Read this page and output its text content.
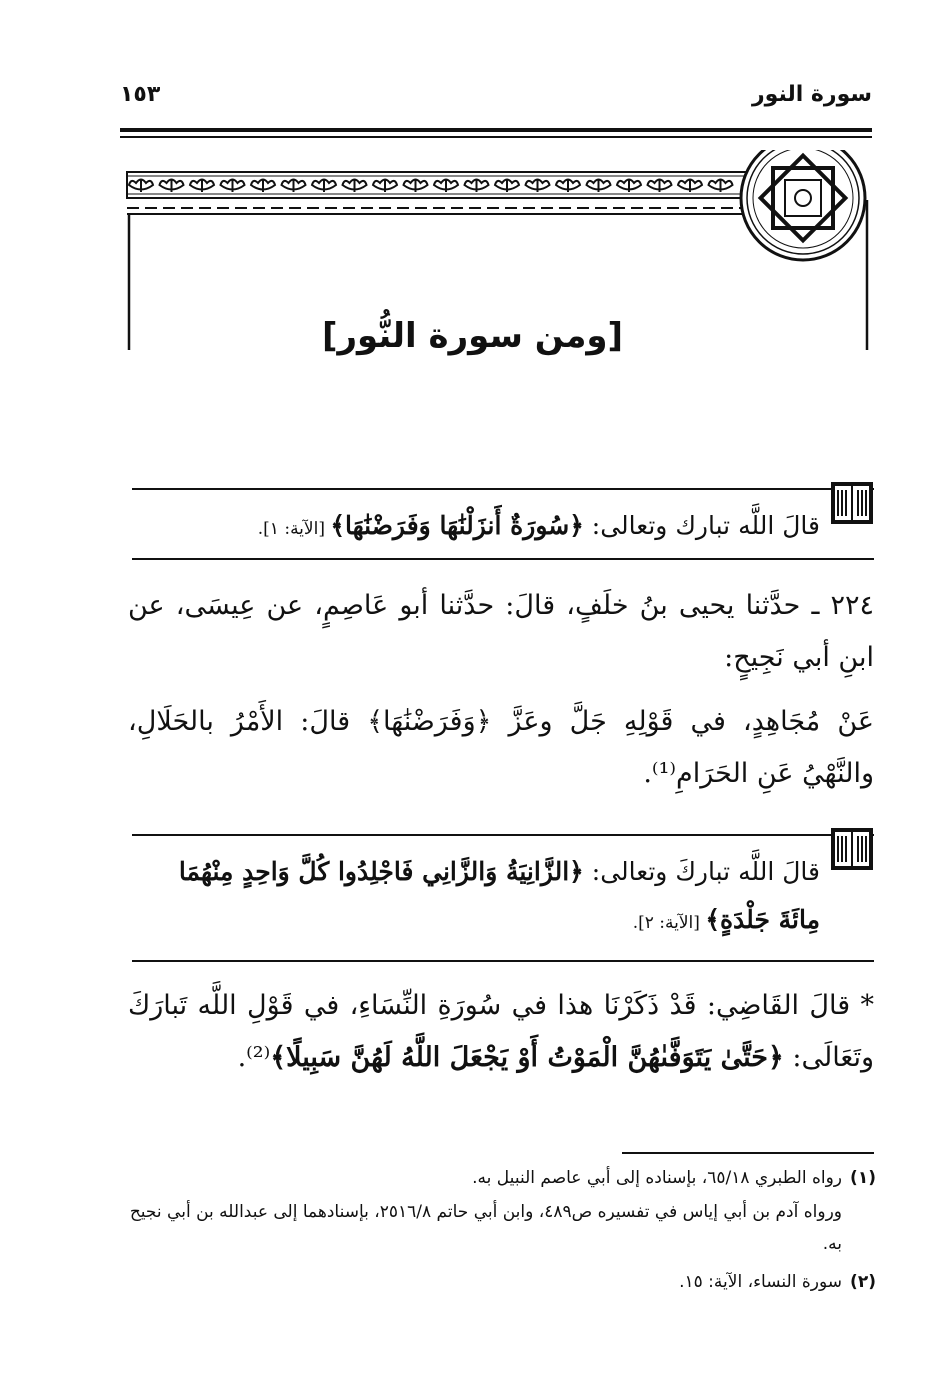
سورة النور
١٥٣
[ومن سورة النُّور]
قالَ اللَّه تبارك وتعالى: ﴿سُورَةٌ أَنزَلْنَٰهَا وَفَرَضْنَٰهَا﴾ [الآية: ١].
٢٢٤ ـ حدَّثنا يحيى بنُ خلَفٍ، قالَ: حدَّثنا أبو عَاصِمٍ، عن عِيسَى، عن ابنِ أبي نَجِيحٍ:
عَنْ مُجَاهِدٍ، في قَوْلِهِ جَلَّ وعَزَّ ﴿وَفَرَضْنَٰهَا﴾ قالَ: الأَمْرُ بالحَلَالِ، والنَّهْيُ عَنِ الحَرَامِ⁽¹⁾.
قالَ اللَّه تباركَ وتعالى: ﴿الزَّانِيَةُ وَالزَّانِي فَاجْلِدُوا كُلَّ وَاحِدٍ مِنْهُمَا مِائَةَ جَلْدَةٍ﴾ [الآية: ٢].
* قالَ القَاضِي: قَدْ ذَكَرْنَا هذا في سُورَةِ النِّسَاءِ، في قَوْلِ اللَّه تَبارَكَ وتَعَالَى: ﴿حَتَّىٰ يَتَوَفَّىٰهُنَّ الْمَوْتُ أَوْ يَجْعَلَ اللَّهُ لَهُنَّ سَبِيلًا﴾⁽²⁾.
(١)رواه الطبري ٦٥/١٨، بإسناده إلى أبي عاصم النبيل به.
ورواه آدم بن أبي إياس في تفسيره ص٤٨٩، وابن أبي حاتم ٢٥١٦/٨، بإسنادهما إلى عبدالله بن أبي نجيح به.
(٢)سورة النساء، الآية: ١٥.
